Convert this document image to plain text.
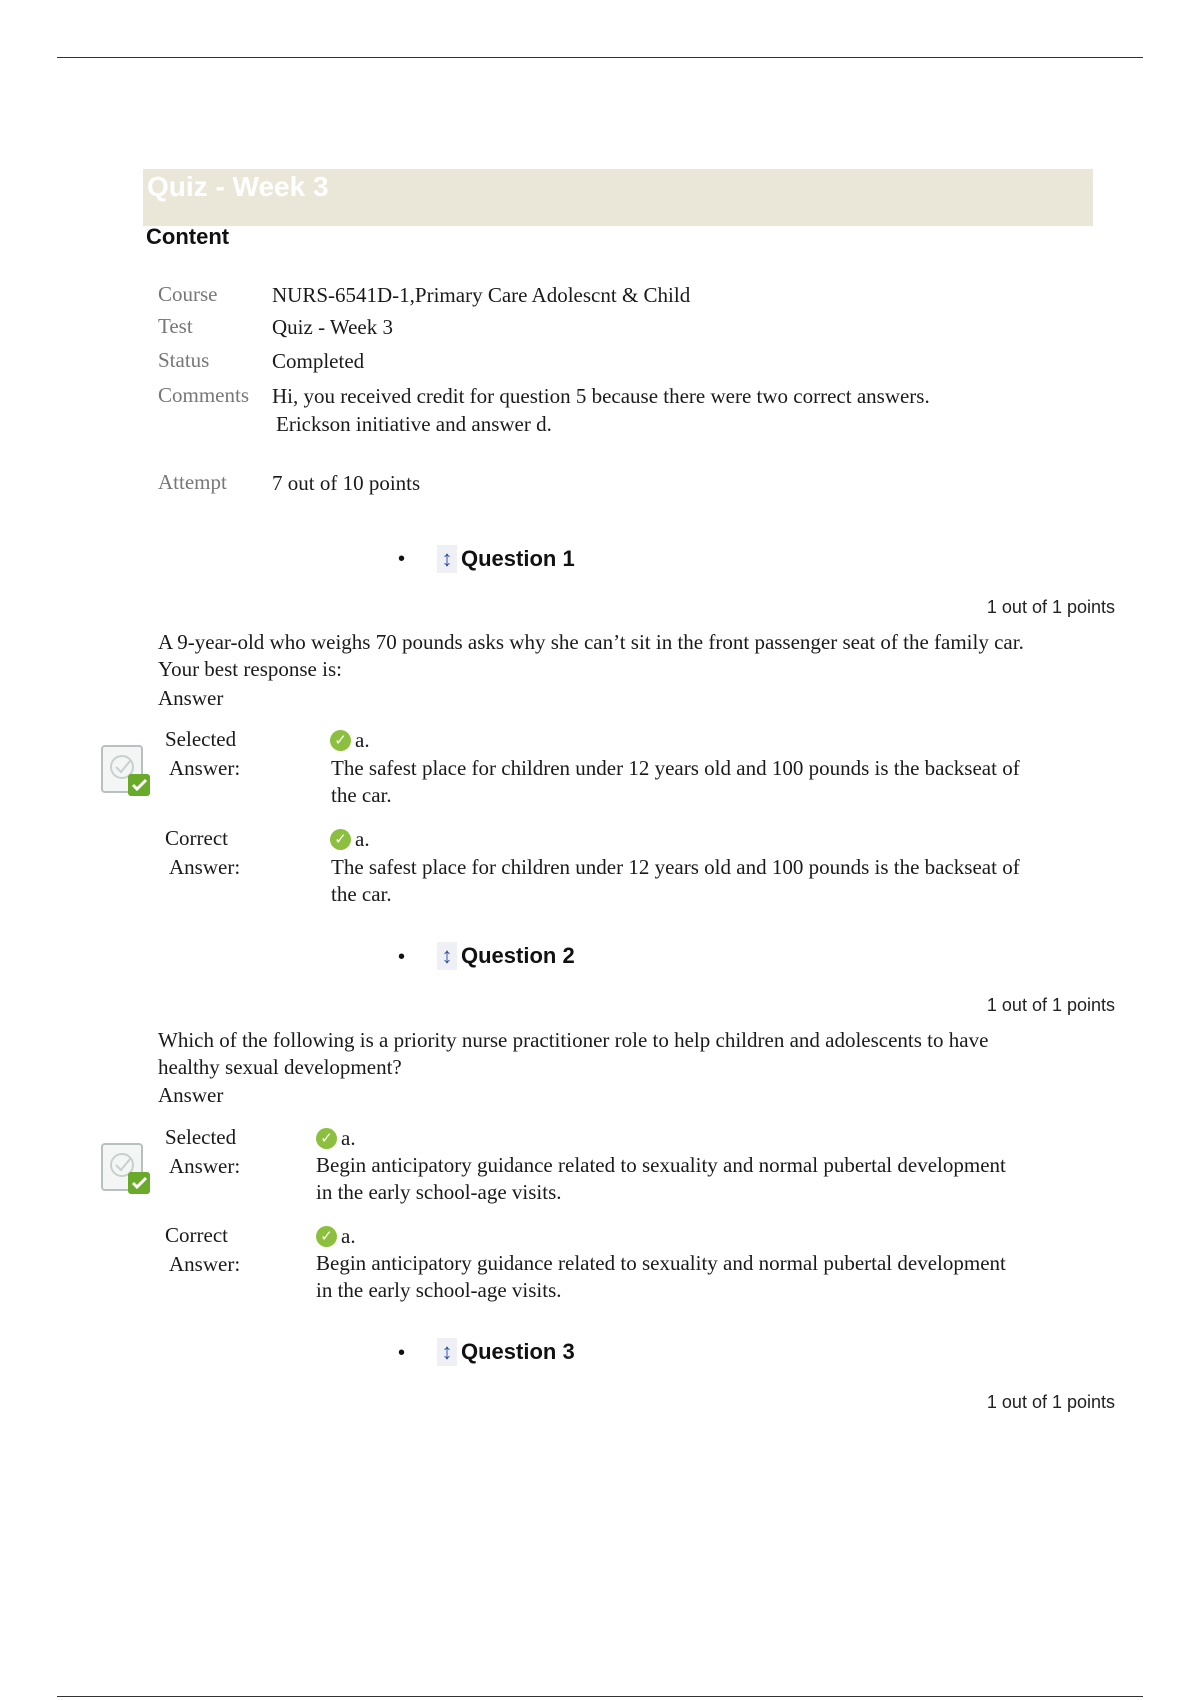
Quiz - Week 3
Content
Course	NURS-6541D-1,Primary Care Adolescnt & Child
Test	Quiz - Week 3
Status	Completed
Comments Hi, you received credit for question 5 because there were two correct answers.
Erickson initiative and answer d.
Attempt 7 out of 10 points
• ↕ Question 1
1 out of 1 points
A 9-year-old who weighs 70 pounds asks why she can’t sit in the front passenger seat of the family car. Your best response is:
Answer
Selected
Answer:
✓ a.
The safest place for children under 12 years old and 100 pounds is the backseat of the car.
Correct
Answer:
✓ a.
The safest place for children under 12 years old and 100 pounds is the backseat of the car.
• ↕ Question 2
1 out of 1 points
Which of the following is a priority nurse practitioner role to help children and adolescents to have healthy sexual development?
Answer
Selected
Answer:
✓ a.
Begin anticipatory guidance related to sexuality and normal pubertal development in the early school-age visits.
Correct
Answer:
✓ a.
Begin anticipatory guidance related to sexuality and normal pubertal development in the early school-age visits.
• ↕ Question 3
1 out of 1 points
